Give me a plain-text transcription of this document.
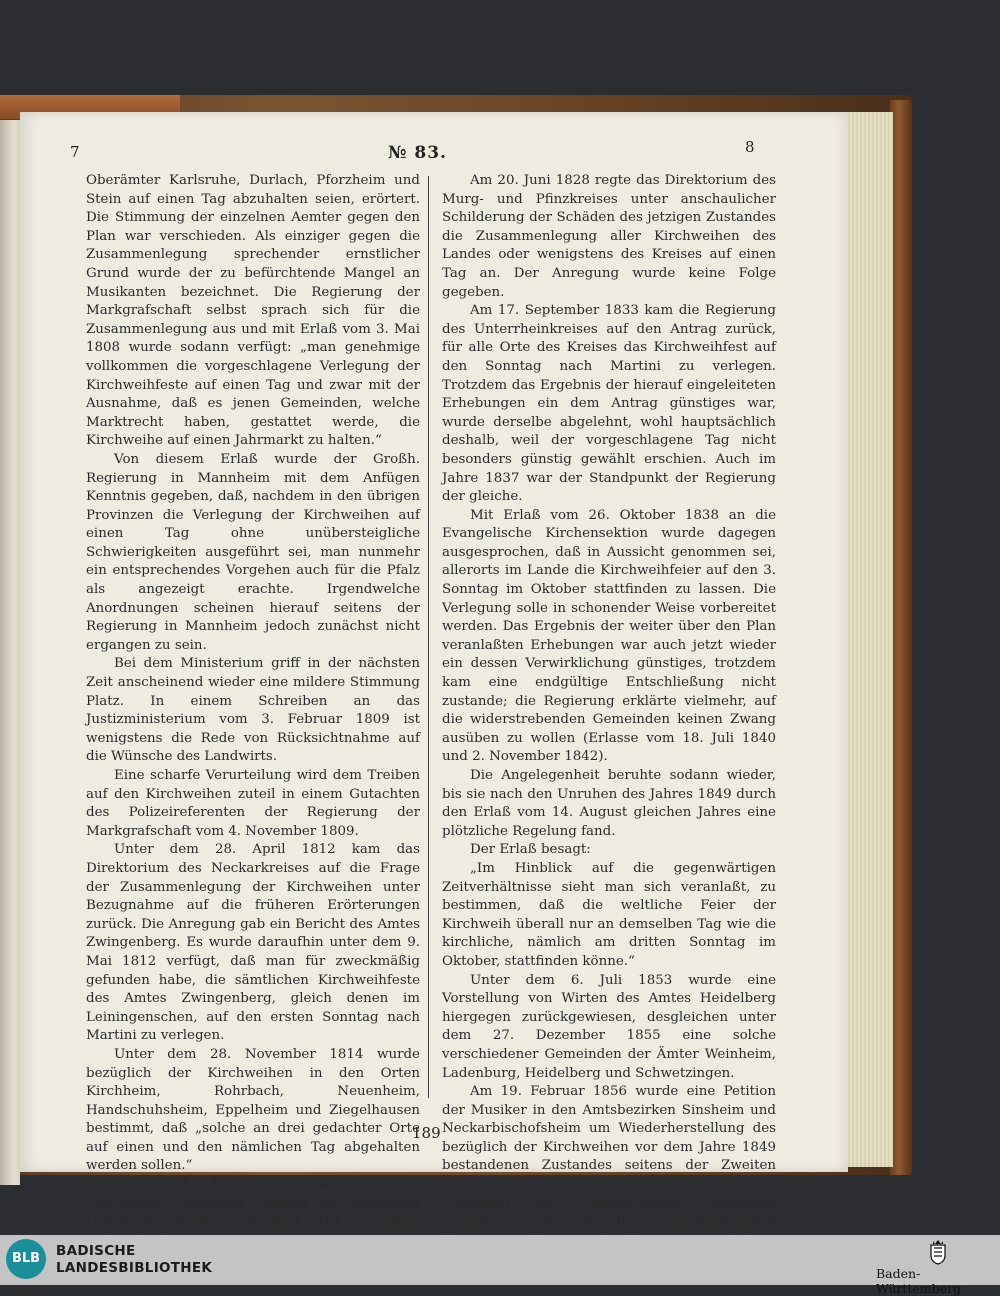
7	№ 83.	8

Oberämter Karlsruhe, Durlach, Pforzheim und Stein auf einen Tag abzuhalten seien, erörtert. Die Stimmung der einzelnen Aemter gegen den Plan war verschieden. Als einziger gegen die Zusammenlegung sprechender ernstlicher Grund wurde der zu befürchtende Mangel an Musikanten bezeichnet. Die Regierung der Markgrafschaft selbst sprach sich für die Zusammenlegung aus und mit Erlaß vom 3. Mai 1808 wurde sodann verfügt: „man genehmige vollkommen die vorgeschlagene Verlegung der Kirchweihfeste auf einen Tag und zwar mit der Ausnahme, daß es jenen Gemeinden, welche Marktrecht haben, gestattet werde, die Kirchweihe auf einen Jahrmarkt zu halten.“

Von diesem Erlaß wurde der Großh. Regierung in Mannheim mit dem Anfügen Kenntnis gegeben, daß, nachdem in den übrigen Provinzen die Verlegung der Kirchweihen auf einen Tag ohne unübersteigliche Schwierigkeiten ausgeführt sei, man nunmehr ein entsprechendes Vorgehen auch für die Pfalz als angezeigt erachte. Irgendwelche Anordnungen scheinen hierauf seitens der Regierung in Mannheim jedoch zunächst nicht ergangen zu sein.

Bei dem Ministerium griff in der nächsten Zeit anscheinend wieder eine mildere Stimmung Platz. In einem Schreiben an das Justizministerium vom 3. Februar 1809 ist wenigstens die Rede von Rücksichtnahme auf die Wünsche des Landwirts.

Eine scharfe Verurteilung wird dem Treiben auf den Kirchweihen zuteil in einem Gutachten des Polizeireferenten der Regierung der Markgrafschaft vom 4. November 1809.

Unter dem 28. April 1812 kam das Direktorium des Neckarkreises auf die Frage der Zusammenlegung der Kirchweihen unter Bezugnahme auf die früheren Erörterungen zurück. Die Anregung gab ein Bericht des Amtes Zwingenberg. Es wurde daraufhin unter dem 9. Mai 1812 verfügt, daß man für zweckmäßig gefunden habe, die sämtlichen Kirchweihfeste des Amtes Zwingenberg, gleich denen im Leiningenschen, auf den ersten Sonntag nach Martini zu verlegen.

Unter dem 28. November 1814 wurde bezüglich der Kirchweihen in den Orten Kirchheim, Rohrbach, Neuenheim, Handschuhsheim, Eppelheim und Ziegelhausen bestimmt, daß „solche an drei gedachter Orte auf einen und den nämlichen Tag abgehalten werden sollen.“

Eine auf Abänderung der letzteren Anordnung abzielende Eingabe der beteiligten Gemeinden wurde am 6. April 1819 abschlägig

Am 20. Juni 1828 regte das Direktorium des Murg- und Pfinzkreises unter anschaulicher Schilderung der Schäden des jetzigen Zustandes die Zusammenlegung aller Kirchweihen des Landes oder wenigstens des Kreises auf einen Tag an. Der Anregung wurde keine Folge gegeben.

Am 17. September 1833 kam die Regierung des Unterrheinkreises auf den Antrag zurück, für alle Orte des Kreises das Kirchweihfest auf den Sonntag nach Martini zu verlegen. Trotzdem das Ergebnis der hierauf eingeleiteten Erhebungen ein dem Antrag günstiges war, wurde derselbe abgelehnt, wohl hauptsächlich deshalb, weil der vorgeschlagene Tag nicht besonders günstig gewählt erschien. Auch im Jahre 1837 war der Standpunkt der Regierung der gleiche.

Mit Erlaß vom 26. Oktober 1838 an die Evangelische Kirchensektion wurde dagegen ausgesprochen, daß in Aussicht genommen sei, allerorts im Lande die Kirchweihfeier auf den 3. Sonntag im Oktober stattfinden zu lassen. Die Verlegung solle in schonender Weise vorbereitet werden. Das Ergebnis der weiter über den Plan veranlaßten Erhebungen war auch jetzt wieder ein dessen Verwirklichung günstiges, trotzdem kam eine endgültige Entschließung nicht zustande; die Regierung erklärte vielmehr, auf die widerstrebenden Gemeinden keinen Zwang ausüben zu wollen (Erlasse vom 18. Juli 1840 und 2. November 1842).

Die Angelegenheit beruhte sodann wieder, bis sie nach den Unruhen des Jahres 1849 durch den Erlaß vom 14. August gleichen Jahres eine plötzliche Regelung fand.

Der Erlaß besagt:

„Im Hinblick auf die gegenwärtigen Zeitverhältnisse sieht man sich veranlaßt, zu bestimmen, daß die weltliche Feier der Kirchweih überall nur an demselben Tag wie die kirchliche, nämlich am dritten Sonntag im Oktober, stattfinden könne.“

Unter dem 6. Juli 1853 wurde eine Vorstellung von Wirten des Amtes Heidelberg hiergegen zurückgewiesen, desgleichen unter dem 27. Dezember 1855 eine solche verschiedener Gemeinden der Ämter Weinheim, Ladenburg, Heidelberg und Schwetzingen.

Am 19. Februar 1856 wurde eine Petition der Musiker in den Amtsbezirken Sinsheim und Neckarbischofsheim um Wiederherstellung des bezüglich der Kirchweihen vor dem Jahre 1849 bestandenen Zustandes seitens der Zweiten Kammer der Landstände entgegen dem auf Übergang zur Tagesordnung lautenden Kommissionsantrag der Regierung empfehlend

189
BLB	BADISCHE
LANDESBIBLIOTHEK	Baden-Württemberg
